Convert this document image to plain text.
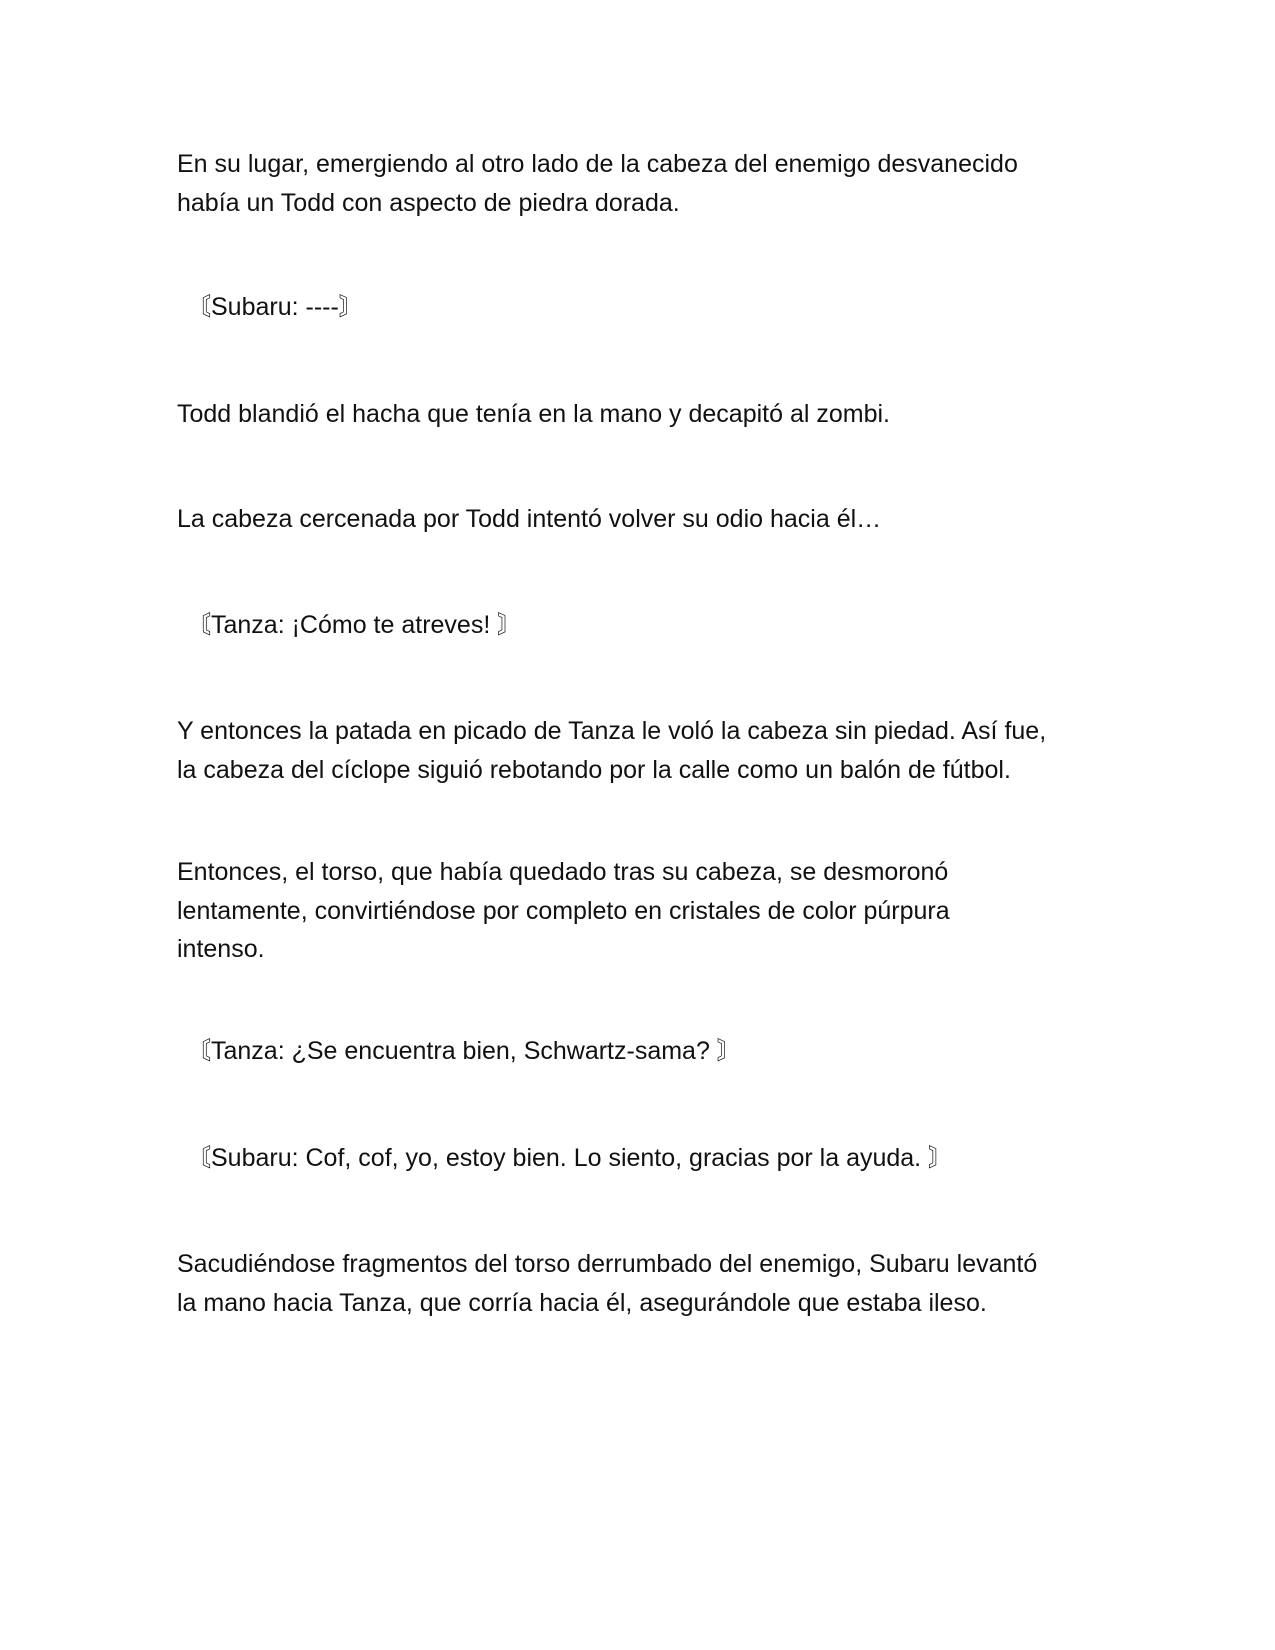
En su lugar, emergiendo al otro lado de la cabeza del enemigo desvanecido
había un Todd con aspecto de piedra dorada.

〘Subaru: ----〙

Todd blandió el hacha que tenía en la mano y decapitó al zombi.

La cabeza cercenada por Todd intentó volver su odio hacia él…

〘Tanza: ¡Cómo te atreves! 〙

Y entonces la patada en picado de Tanza le voló la cabeza sin piedad. Así fue,
la cabeza del cíclope siguió rebotando por la calle como un balón de fútbol.

Entonces, el torso, que había quedado tras su cabeza, se desmoronó
lentamente, convirtiéndose por completo en cristales de color púrpura
intenso.

〘Tanza: ¿Se encuentra bien, Schwartz-sama? 〙

〘Subaru: Cof, cof, yo, estoy bien. Lo siento, gracias por la ayuda. 〙

Sacudiéndose fragmentos del torso derrumbado del enemigo, Subaru levantó
la mano hacia Tanza, que corría hacia él, asegurándole que estaba ileso.
